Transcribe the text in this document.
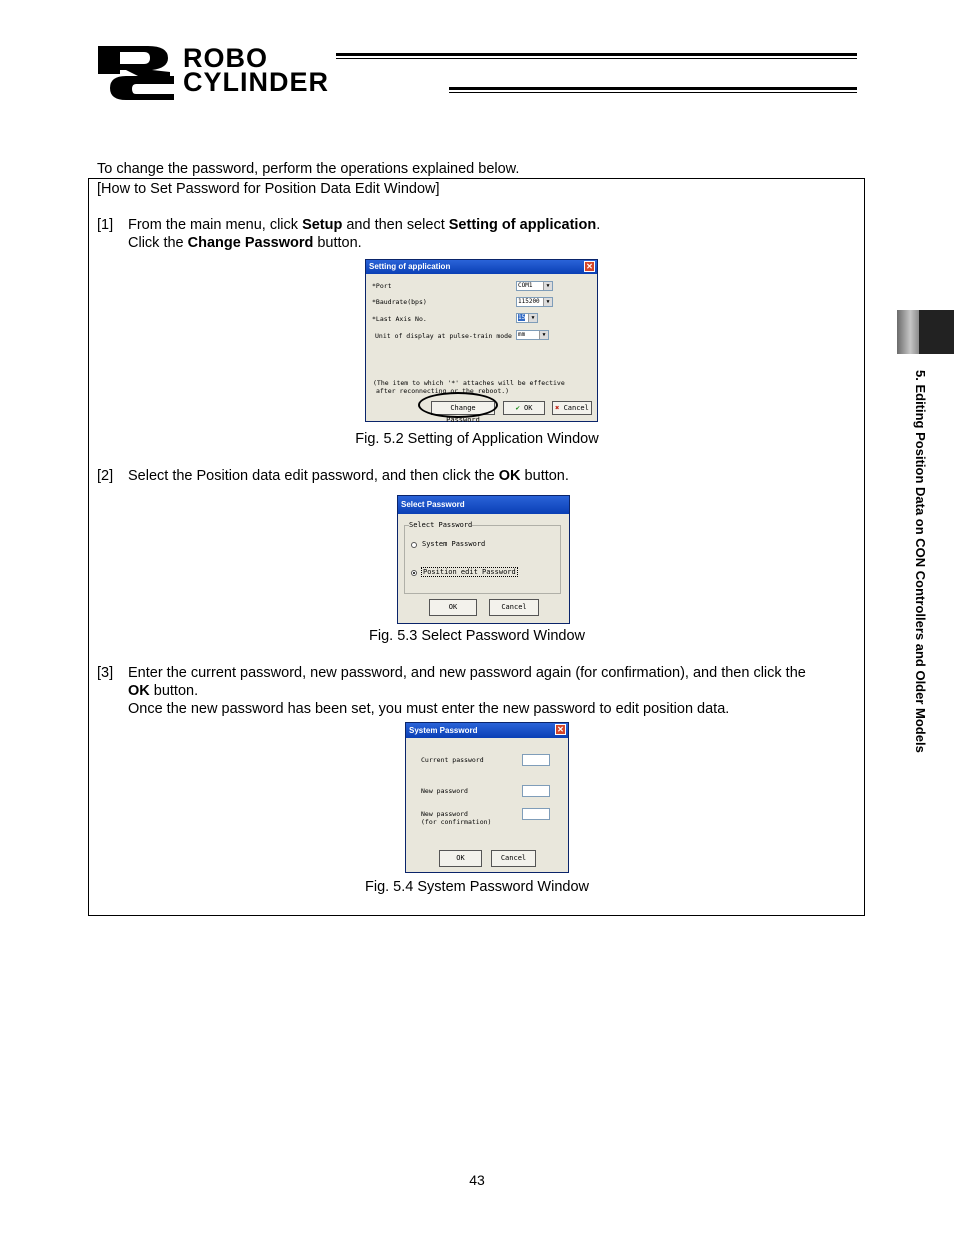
ROBO
CYLINDER
5. Editing Position Data on CON Controllers and Older Models
To change the password, perform the operations explained below.
[How to Set Password for Position Data Edit Window]
[1] From the main menu, click Setup and then select Setting of application.
Click the Change Password button.
Setting of application	✕
*Port	COM1	▼
*Baudrate(bps)	115200	▼
*Last Axis No.	15	▼
Unit of display at pulse-train mode	mm	▼
(The item to which '*' attaches will be effective
after reconnecting or the reboot.)
Change Password
✔ OK	✖ Cancel
Fig. 5.2 Setting of Application Window
[2] Select the Position data edit password, and then click the OK button.
Select Password
Select Password
System Password
Position edit Password
OK	Cancel
Fig. 5.3 Select Password Window
[3] Enter the current password, new password, and new password again (for confirmation), and then click the
OK button.
Once the new password has been set, you must enter the new password to edit position data.
System Password	✕
Current password
New password
New password
(for confirmation)
OK	Cancel
Fig. 5.4 System Password Window
43
